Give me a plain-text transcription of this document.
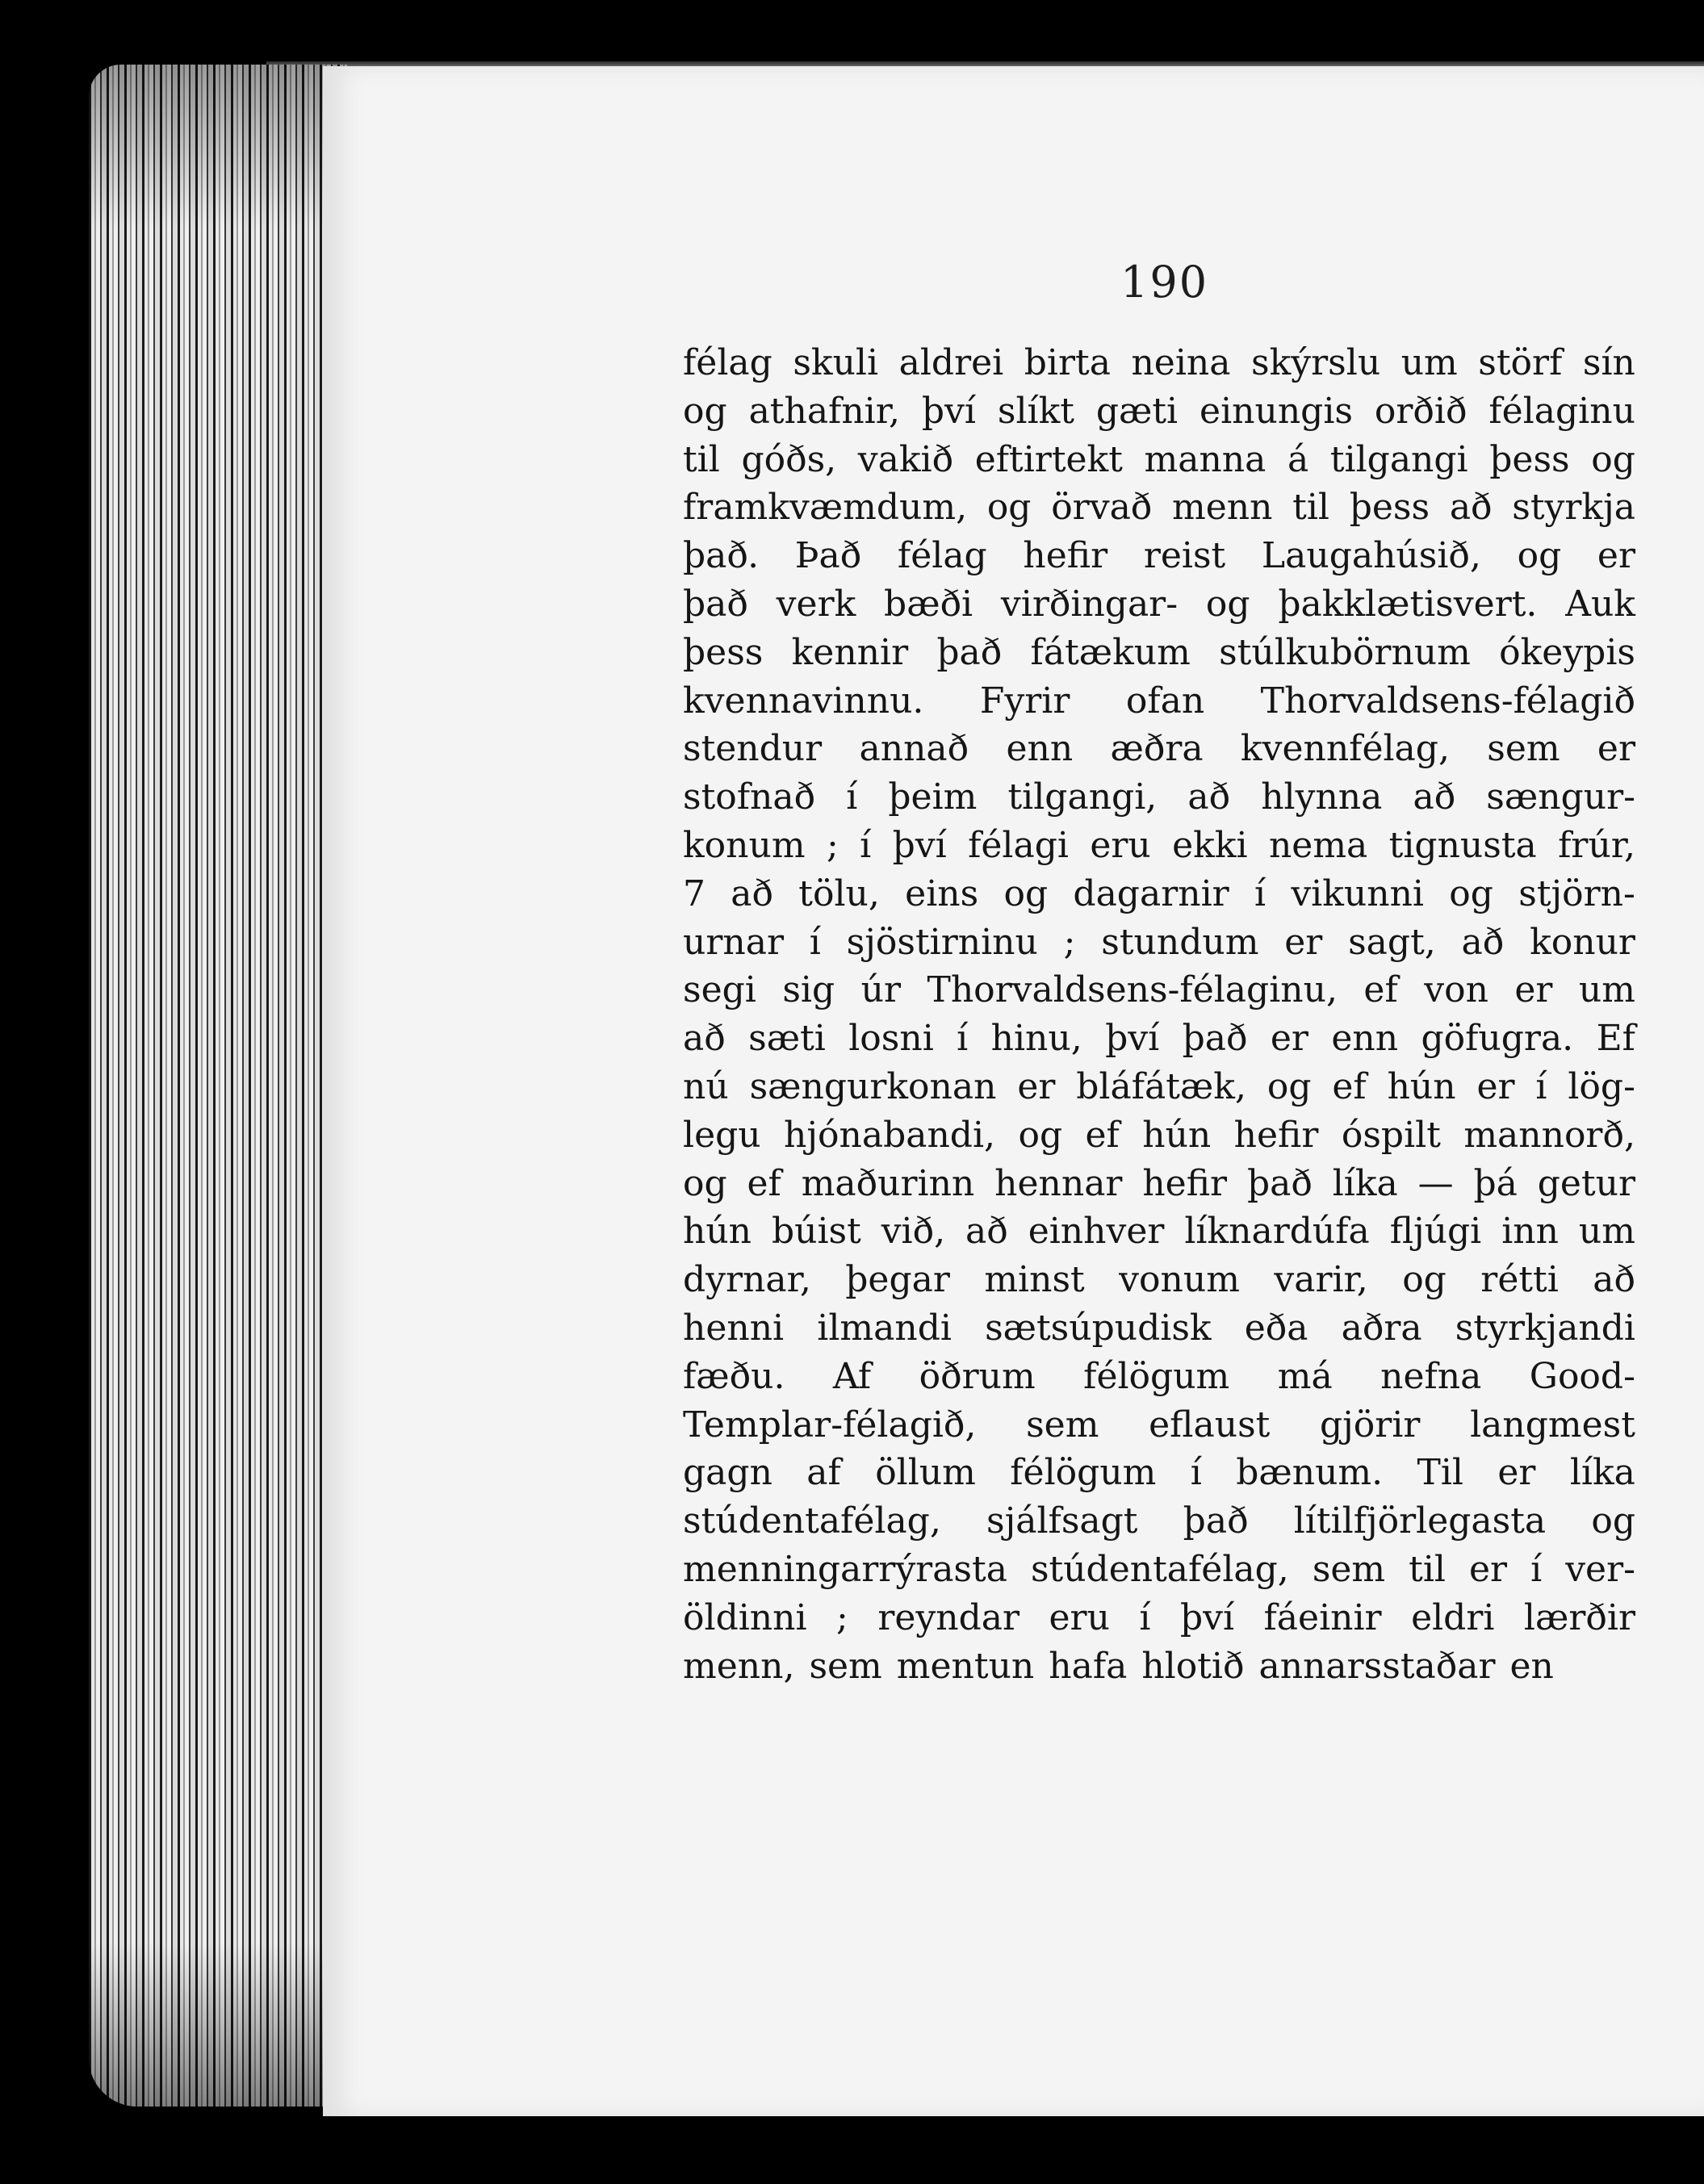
190
félag skuli aldrei birta neina skýrslu um störf sín
og athafnir, því slíkt gæti einungis orðið félaginu
til góðs, vakið eftirtekt manna á tilgangi þess og
framkvæmdum, og örvað menn til þess að styrkja
það. Það félag hefir reist Laugahúsið, og er
það verk bæði virðingar- og þakklætisvert. Auk
þess kennir það fátækum stúlkubörnum ókeypis
kvennavinnu. Fyrir ofan Thorvaldsens-félagið
stendur annað enn æðra kvennfélag, sem er
stofnað í þeim tilgangi, að hlynna að sængur-
konum ; í því félagi eru ekki nema tignusta frúr,
7 að tölu, eins og dagarnir í vikunni og stjörn-
urnar í sjöstirninu ; stundum er sagt, að konur
segi sig úr Thorvaldsens-félaginu, ef von er um
að sæti losni í hinu, því það er enn göfugra. Ef
nú sængurkonan er bláfátæk, og ef hún er í lög-
legu hjónabandi, og ef hún hefir óspilt mannorð,
og ef maðurinn hennar hefir það líka — þá getur
hún búist við, að einhver líknardúfa fljúgi inn um
dyrnar, þegar minst vonum varir, og rétti að
henni ilmandi sætsúpudisk eða aðra styrkjandi
fæðu. Af öðrum félögum má nefna Good-
Templar-félagið, sem eflaust gjörir langmest
gagn af öllum félögum í bænum. Til er líka
stúdentafélag, sjálfsagt það lítilfjörlegasta og
menningarrýrasta stúdentafélag, sem til er í ver-
öldinni ; reyndar eru í því fáeinir eldri lærðir
menn, sem mentun hafa hlotið annarsstaðar en
